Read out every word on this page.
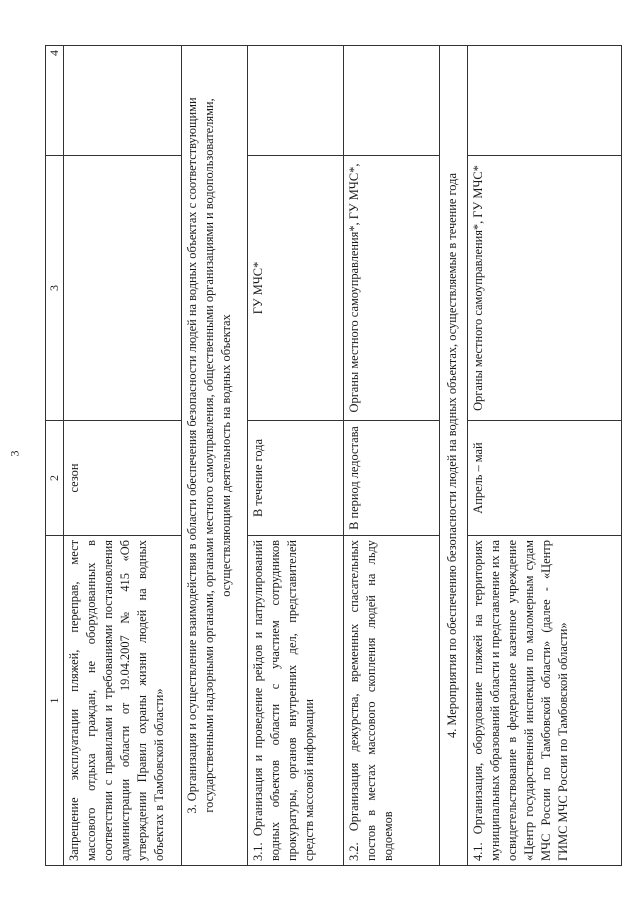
3
1	2	3	4
Запрещение эксплуатации пляжей, переправ, мест массового отдыха граждан, не оборудованных в соответствии с правилами и требованиями постановления администрации области от 19.04.2007 № 415 «Об утверждении Правил охраны жизни людей на водных объектах в Тамбовской области»	сезон		
3. Организация и осуществление взаимодействия в области обеспечения безопасности людей на водных объектах с соответствующими государственными надзорными органами, органами местного самоуправления, общественными организациями и водопользователями, осуществляющими деятельность на водных объектах			
3.1. Организация и проведение рейдов и патрулирований водных объектов области с участием сотрудников прокуратуры, органов внутренних дел, представителей средств массовой информации	В течение года	ГУ МЧС*	
3.2. Организация дежурства, временных спасательных постов в местах массового скопления людей на льду водоемов	В период ледостава	Органы местного самоуправления*, ГУ МЧС*,	
4. Мероприятия по обеспечению безопасности людей на водных объектах, осуществляемые в течение года			
4.1. Организация, оборудование пляжей на территориях муниципальных образований области и представление их на освидетельствование в федеральное казенное учреждение «Центр государственной инспекции по маломерным судам МЧС России по Тамбовской области» (далее - «Центр ГИМС МЧС России по Тамбовской области»	Апрель – май	Органы местного самоуправления*, ГУ МЧС*	
